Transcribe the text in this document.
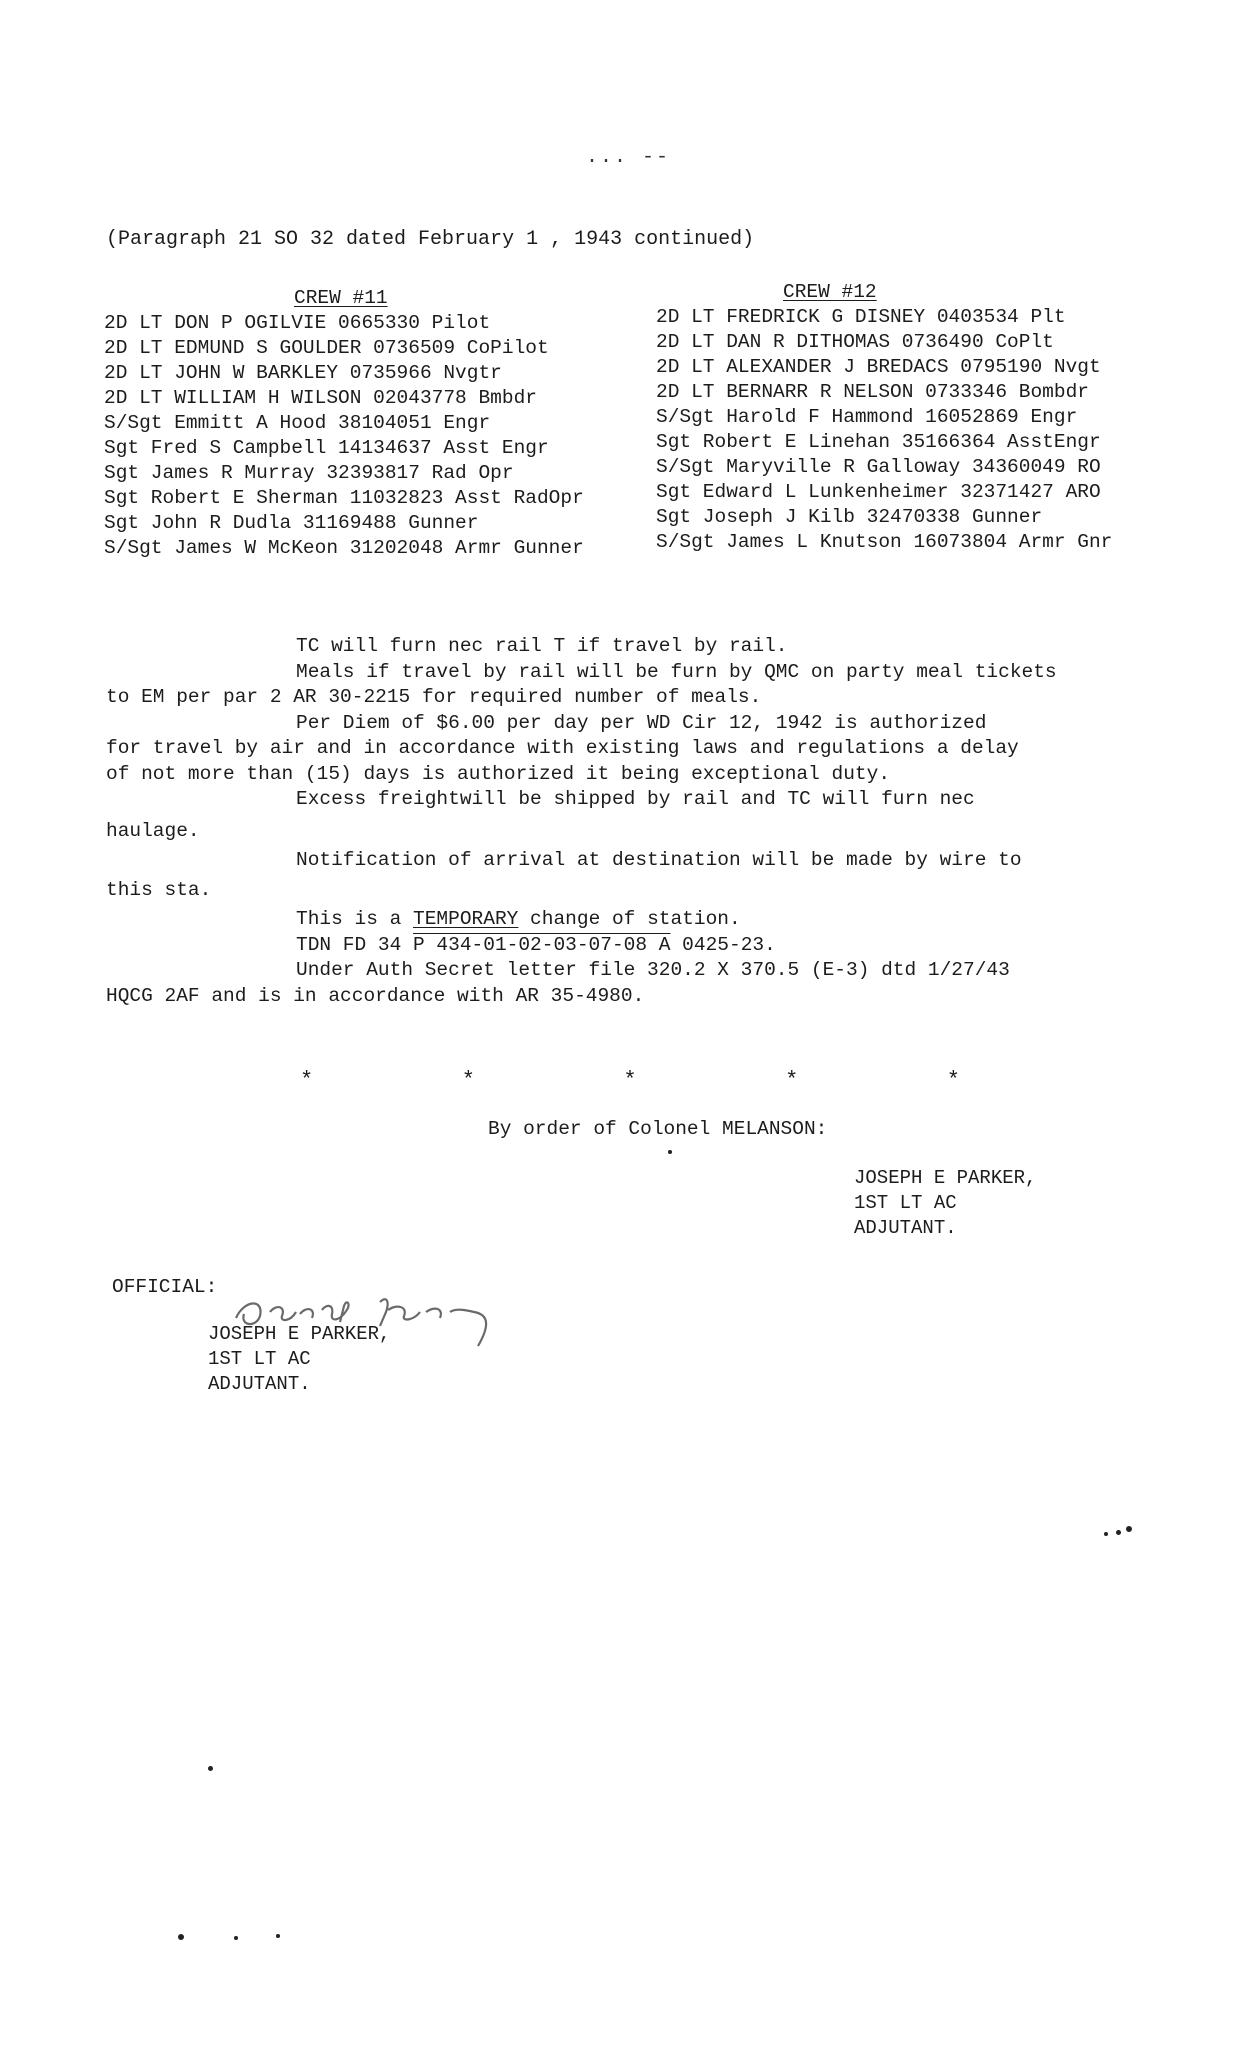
... --
(Paragraph 21 SO 32 dated February 1 , 1943 continued)
CREW #11
2D LT DON P OGILVIE 0665330 Pilot
2D LT EDMUND S GOULDER 0736509 CoPilot
2D LT JOHN W BARKLEY 0735966 Nvgtr
2D LT WILLIAM H WILSON 02043778 Bmbdr
S/Sgt Emmitt A Hood 38104051 Engr
Sgt Fred S Campbell 14134637 Asst Engr
Sgt James R Murray 32393817 Rad Opr
Sgt Robert E Sherman 11032823 Asst RadOpr
Sgt John R Dudla 31169488 Gunner
S/Sgt James W McKeon 31202048 Armr Gunner
CREW #12
2D LT FREDRICK G DISNEY 0403534 Plt
2D LT DAN R DITHOMAS 0736490 CoPlt
2D LT ALEXANDER J BREDACS 0795190 Nvgt
2D LT BERNARR R NELSON 0733346 Bombdr
S/Sgt Harold F Hammond 16052869 Engr
Sgt Robert E Linehan 35166364 AsstEngr
S/Sgt Maryville R Galloway 34360049 RO
Sgt Edward L Lunkenheimer 32371427 ARO
Sgt Joseph J Kilb 32470338 Gunner
S/Sgt James L Knutson 16073804 Armr Gnr

TC will furn nec rail T if travel by rail.

Meals if travel by rail will be furn by QMC on party meal tickets

to EM per par 2 AR 30-2215 for required number of meals.

Per Diem of $6.00 per day per WD Cir 12, 1942 is authorized

for travel by air and in accordance with existing laws and regulations a delay

of not more than (15) days is authorized it being exceptional duty.

Excess freightwill be shipped by rail and TC will furn nec

haulage.

Notification of arrival at destination will be made by wire to

this sta.

This is a TEMPORARY change of station.

TDN FD 34 P 434-01-02-03-07-08 A 0425-23.

Under Auth Secret letter file 320.2 X 370.5 (E-3) dtd 1/27/43

HQCG 2AF and is in accordance with AR 35-4980.

*	*	*	*	*
By order of Colonel MELANSON:
JOSEPH E PARKER,
1ST LT AC
ADJUTANT.
OFFICIAL:
JOSEPH E PARKER,
1ST LT AC
ADJUTANT.
